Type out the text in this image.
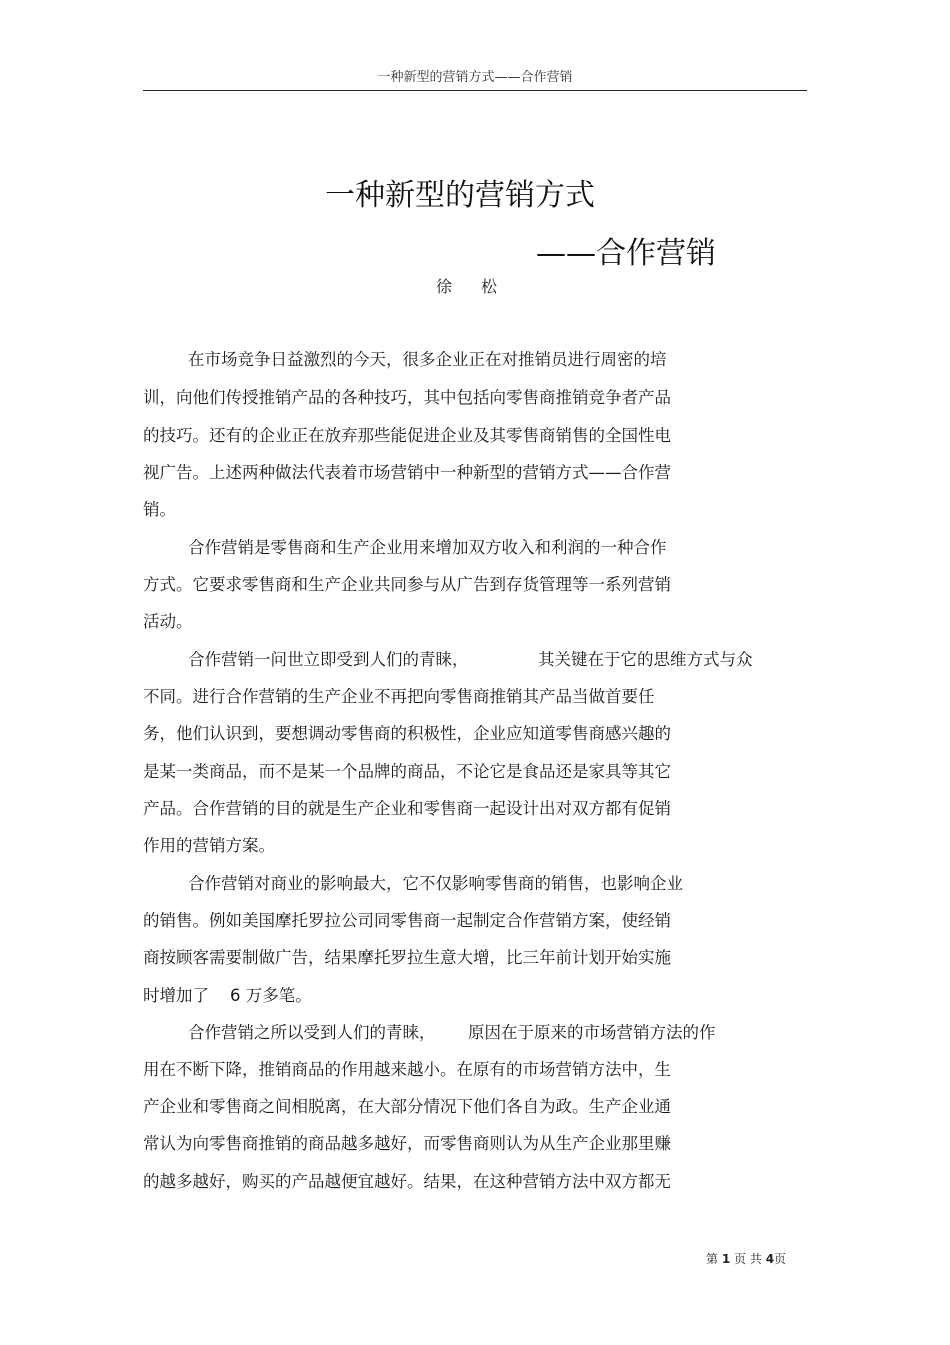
一种新型的营销方式——合作营销
一种新型的营销方式
——合作营销
徐 松
在市场竞争日益激烈的今天，很多企业正在对推销员进行周密的培
训，向他们传授推销产品的各种技巧，其中包括向零售商推销竞争者产品
的技巧。还有的企业正在放弃那些能促进企业及其零售商销售的全国性电
视广告。上述两种做法代表着市场营销中一种新型的营销方式——合作营
销。
合作营销是零售商和生产企业用来增加双方收入和利润的一种合作
方式。它要求零售商和生产企业共同参与从广告到存货管理等一系列营销
活动。
合作营销一问世立即受到人们的青睐，	其关键在于它的思维方式与众
不同。进行合作营销的生产企业不再把向零售商推销其产品当做首要任
务，他们认识到，要想调动零售商的积极性，企业应知道零售商感兴趣的
是某一类商品，而不是某一个品牌的商品，不论它是食品还是家具等其它
产品。合作营销的目的就是生产企业和零售商一起设计出对双方都有促销
作用的营销方案。
合作营销对商业的影响最大，它不仅影响零售商的销售，也影响企业
的销售。例如美国摩托罗拉公司同零售商一起制定合作营销方案，使经销
商按顾客需要制做广告，结果摩托罗拉生意大增，比三年前计划开始实施
时增加了 6 万多笔。
合作营销之所以受到人们的青睐， 原因在于原来的市场营销方法的作
用在不断下降，推销商品的作用越来越小。在原有的市场营销方法中，生
产企业和零售商之间相脱离，在大部分情况下他们各自为政。生产企业通
常认为向零售商推销的商品越多越好，而零售商则认为从生产企业那里赚
的越多越好，购买的产品越便宜越好。结果，在这种营销方法中双方都无
第 1 页 共 4页
